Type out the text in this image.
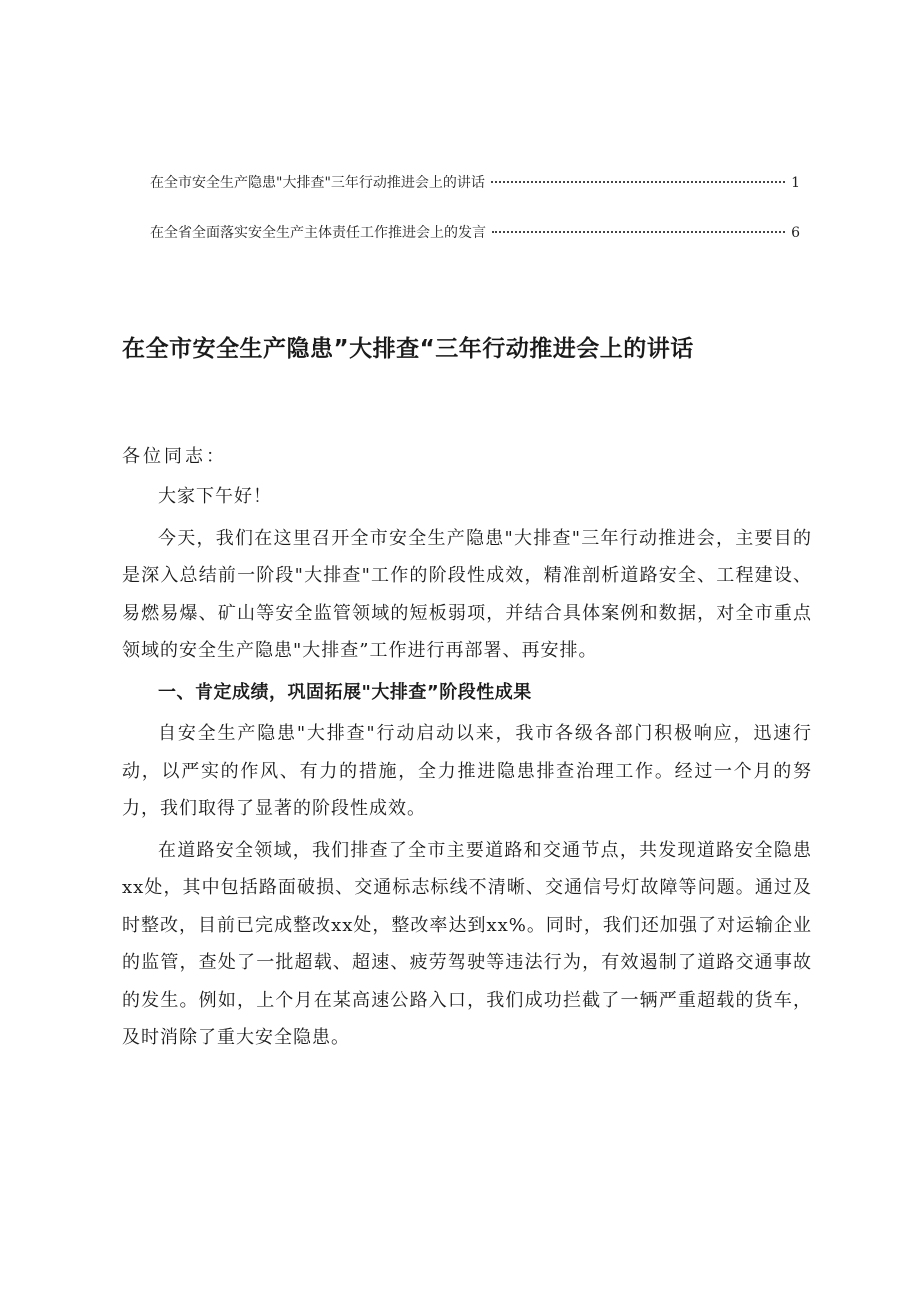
在全市安全生产隐患"大排查"三年行动推进会上的讲话	1
在全省全面落实安全生产主体责任工作推进会上的发言	6
在全市安全生产隐患”大排查“三年行动推进会上的讲话
各位同志：

大家下午好！

今天，我们在这里召开全市安全生产隐患"大排查"三年行动推进会，主要目的是深入总结前一阶段"大排查"工作的阶段性成效，精准剖析道路安全、工程建设、易燃易爆、矿山等安全监管领域的短板弱项，并结合具体案例和数据，对全市重点领域的安全生产隐患"大排查”工作进行再部署、再安排。

一、肯定成绩，巩固拓展"大排查”阶段性成果

自安全生产隐患"大排查"行动启动以来，我市各级各部门积极响应，迅速行动，以严实的作风、有力的措施，全力推进隐患排查治理工作。经过一个月的努力，我们取得了显著的阶段性成效。

在道路安全领域，我们排查了全市主要道路和交通节点，共发现道路安全隐患xx处，其中包括路面破损、交通标志标线不清晰、交通信号灯故障等问题。通过及时整改，目前已完成整改xx处，整改率达到xx%。同时，我们还加强了对运输企业的监管，查处了一批超载、超速、疲劳驾驶等违法行为，有效遏制了道路交通事故的发生。例如，上个月在某高速公路入口，我们成功拦截了一辆严重超载的货车，及时消除了重大安全隐患。
